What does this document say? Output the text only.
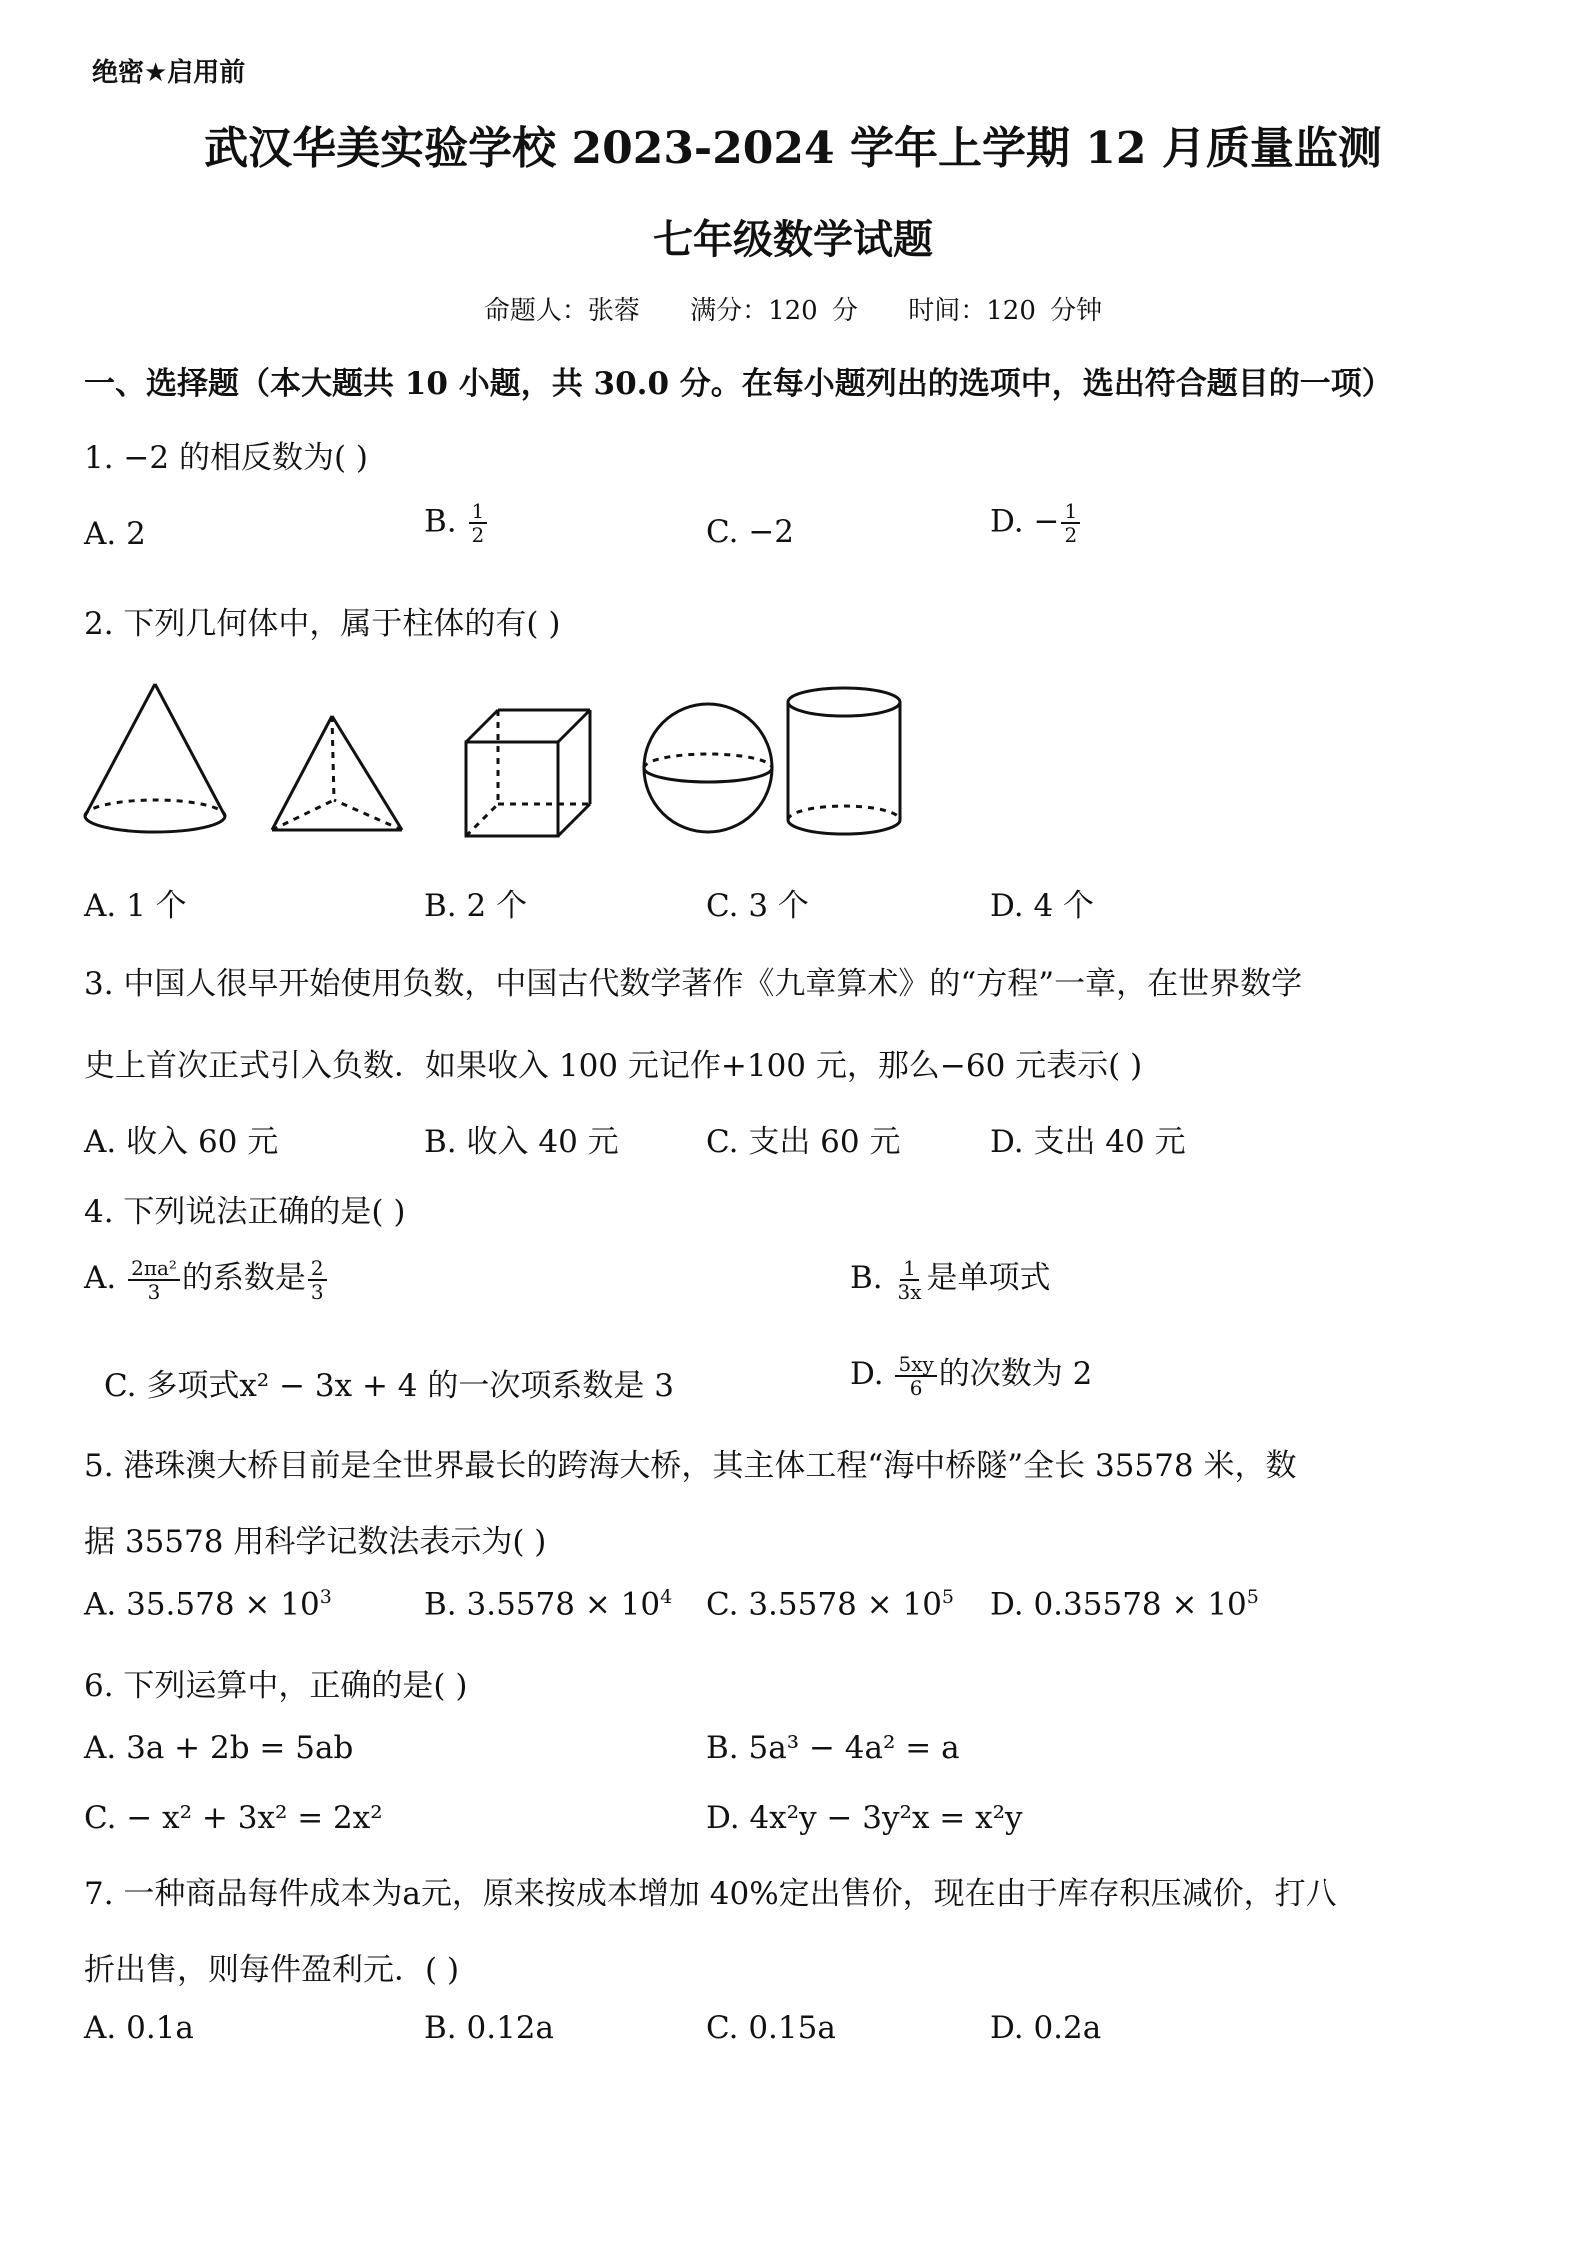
绝密★启用前
武汉华美实验学校 2023-2024 学年上学期 12 月质量监测
七年级数学试题
命题人：张蓉 满分：120 分 时间：120 分钟
一、选择题（本大题共 10 小题，共 30.0 分。在每小题列出的选项中，选出符合题目的一项）
1. −2 的相反数为( )
A. 2	B. $\frac{1}{2}$	C. −2	D. − $\frac{1}{2}$
2. 下列几何体中，属于柱体的有( )
A. 1 个	B. 2 个	C. 3 个	D. 4 个
3. 中国人很早开始使用负数，中国古代数学著作《九章算术》的“方程”一章，在世界数学
史上首次正式引入负数．如果收入 100 元记作+100 元，那么−60 元表示( )
A. 收入 60 元	B. 收入 40 元	C. 支出 60 元	D. 支出 40 元
4. 下列说法正确的是( )
A. $\frac{\text{2πa²}}{3}$ 的系数是 $\frac{2}{3}$	B. $\frac{1}{3x}$ 是单项式
C. 多项式x² − 3x + 4 的一次项系数是 3	D. $\frac{5xy}{6}$ 的次数为 2
5. 港珠澳大桥目前是全世界最长的跨海大桥，其主体工程“海中桥隧”全长 35578 米，数
据 35578 用科学记数法表示为( )
A. $35.578 \times 10^3$	B. $3.5578 \times 10^4$ C. $3.5578 \times 10^5$ D. $0.35578 \times 10^5$
6. 下列运算中，正确的是( )
A. 3a + 2b = 5ab	B. 5a³ − 4a² = a
C. − x² + 3x² = 2x²	D. 4x²y − 3y²x = x²y
7. 一种商品每件成本为a元，原来按成本增加 40%定出售价，现在由于库存积压减价，打八
折出售，则每件盈利元．( )
A. 0.1a	B. 0.12a	C. 0.15a	D. 0.2a
